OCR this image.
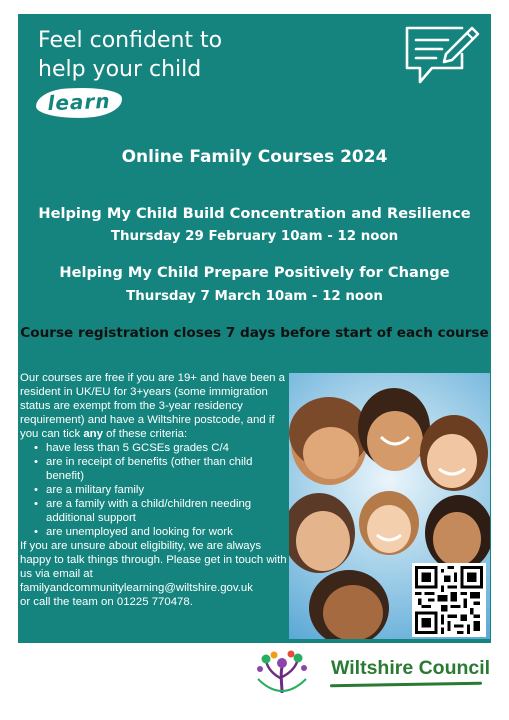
Feel confident to
help your child
learn
Online Family Courses 2024
Helping My Child Build Concentration and Resilience
Thursday 29 February 10am - 12 noon
Helping My Child Prepare Positively for Change
Thursday 7 March 10am - 12 noon
Course registration closes 7 days before start of each course

Our courses are free if you are 19+ and have been a resident in UK/EU for 3+years (some immigration status are exempt from the 3-year residency requirement) and have a Wiltshire postcode, and if you can tick any of these criteria:

• have less than 5 GCSEs grades C/4
• are in receipt of benefits (other than child benefit)
• are a military family
• are a family with a child/children needing additional support
• are unemployed and looking for work

If you are unsure about eligibility, we are always happy to talk things through. Please get in touch with us via email at

familyandcommunitylearning@wiltshire.gov.uk

or call the team on 01225 770478.

Wiltshire Council
